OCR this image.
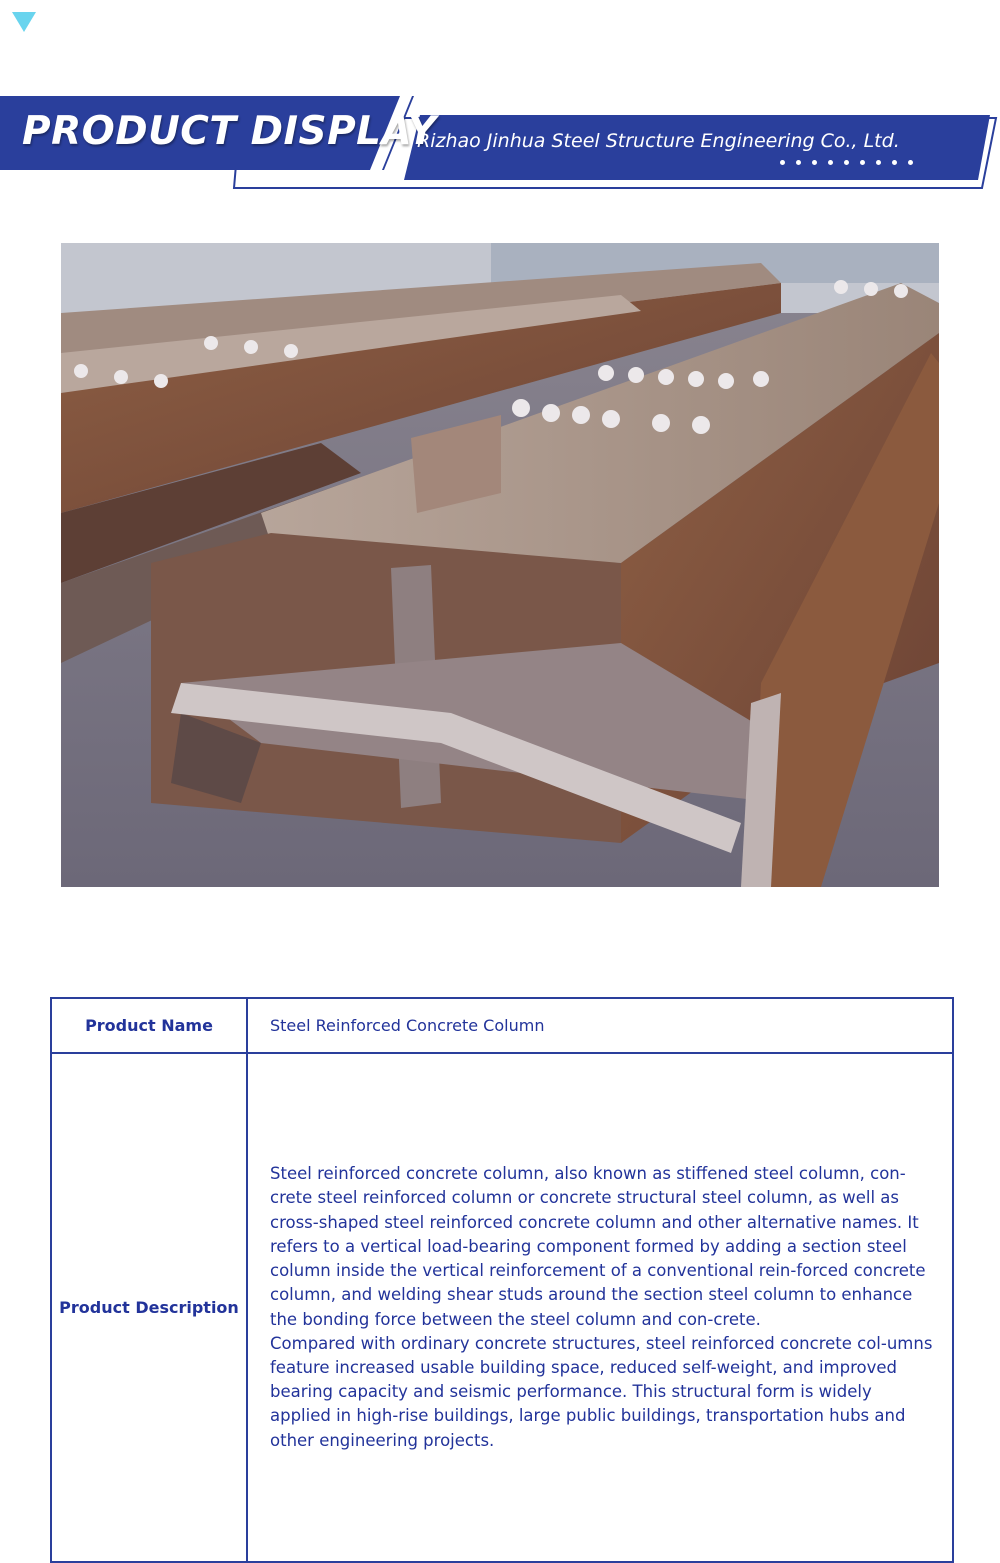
PRODUCT DISPLAY
Rizhao Jinhua Steel Structure Engineering Co., Ltd.
Product Name	Steel Reinforced Concrete Column
Product Description

Steel reinforced concrete column, also known as stiffened steel column, con-crete steel reinforced column or concrete structural steel column, as well as cross-shaped steel reinforced concrete column and other alternative names. It refers to a vertical load-bearing component formed by adding a section steel column inside the vertical reinforcement of a conventional rein-forced concrete column, and welding shear studs around the section steel column to enhance the bonding force between the steel column and con-crete.

Compared with ordinary concrete structures, steel reinforced concrete col-umns feature increased usable building space, reduced self-weight, and improved bearing capacity and seismic performance. This structural form is widely applied in high-rise buildings, large public buildings, transportation hubs and other engineering projects.
